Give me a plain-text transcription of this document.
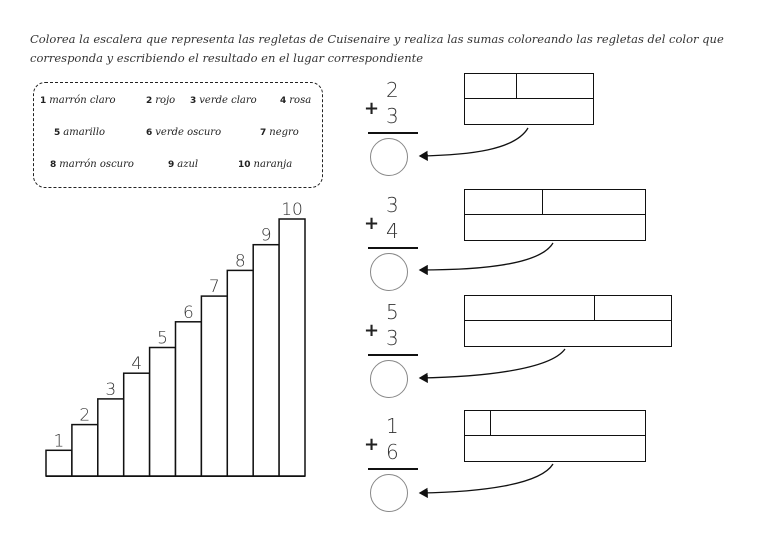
Colorea la escalera que representa las regletas de Cuisenaire y realiza las sumas coloreando las regletas del color que
corresponda y escribiendo el resultado en el lugar correspondiente

1 marrón claro	2 rojo 3 verde claro	4 rosa
5 amarillo	6 verde oscuro	7 negro
8 marrón oscuro	9 azul	10 naranja
1
2
3
4
5
6
7
8
9
10
+
2
3
+
3
4
+
5
3
+
1
6
